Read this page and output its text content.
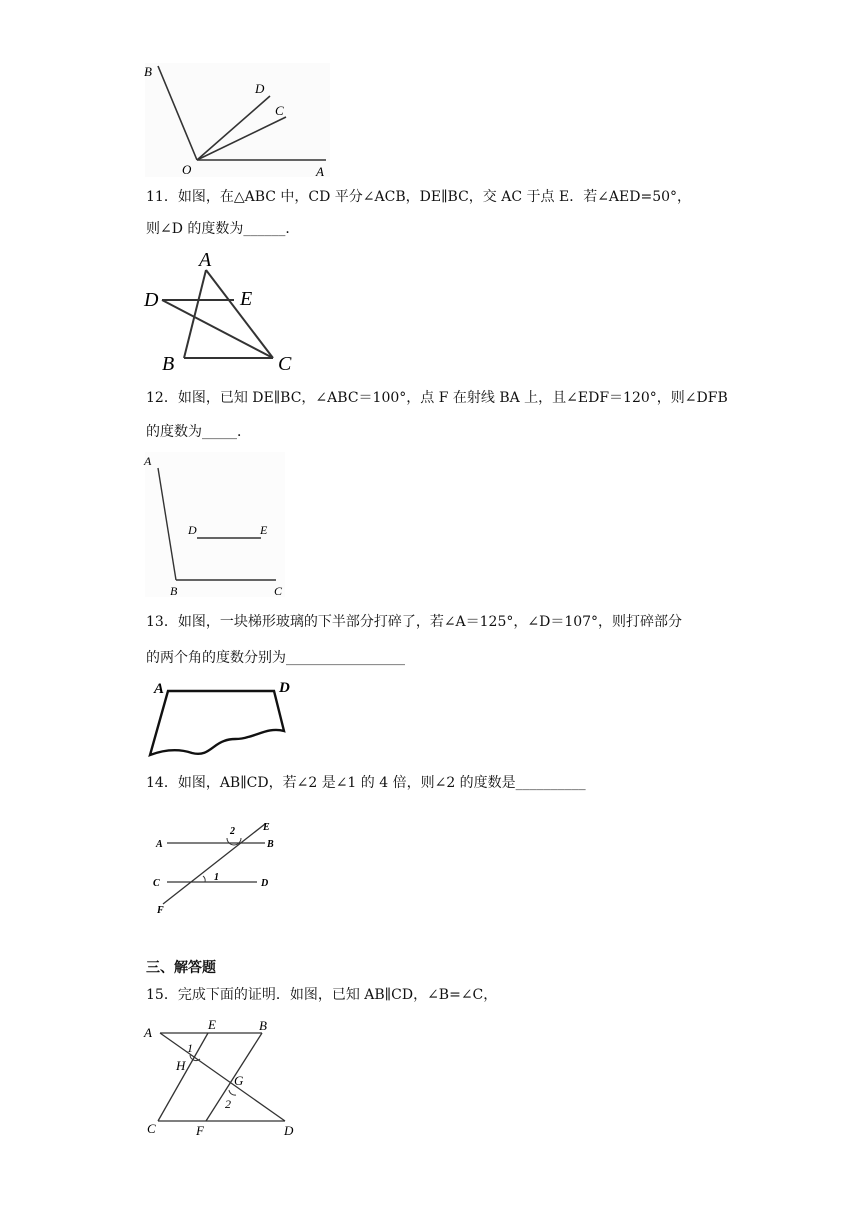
B
D
C
O	A
11．如图，在△ABC 中，CD 平分∠ACB，DE∥BC，交 AC 于点 E．若∠AED=50°，
则∠D 的度数为______．
A
D	E
B	C
12．如图，已知 DE∥BC，∠ABC＝100°，点 F 在射线 BA 上，且∠EDF＝120°，则∠DFB
的度数为_____．
A
D	E
B	C
13．如图，一块梯形玻璃的下半部分打碎了，若∠A＝125°，∠D＝107°，则打碎部分
的两个角的度数分别为_________________
A	D
14．如图，AB∥CD，若∠2 是∠1 的 4 倍，则∠2 的度数是__________
E
2
A	B
1
C	D
F
三、解答题
15．完成下面的证明．如图，已知 AB∥CD，∠B=∠C，
A
E	B
1
H
G
2
C	F	D
